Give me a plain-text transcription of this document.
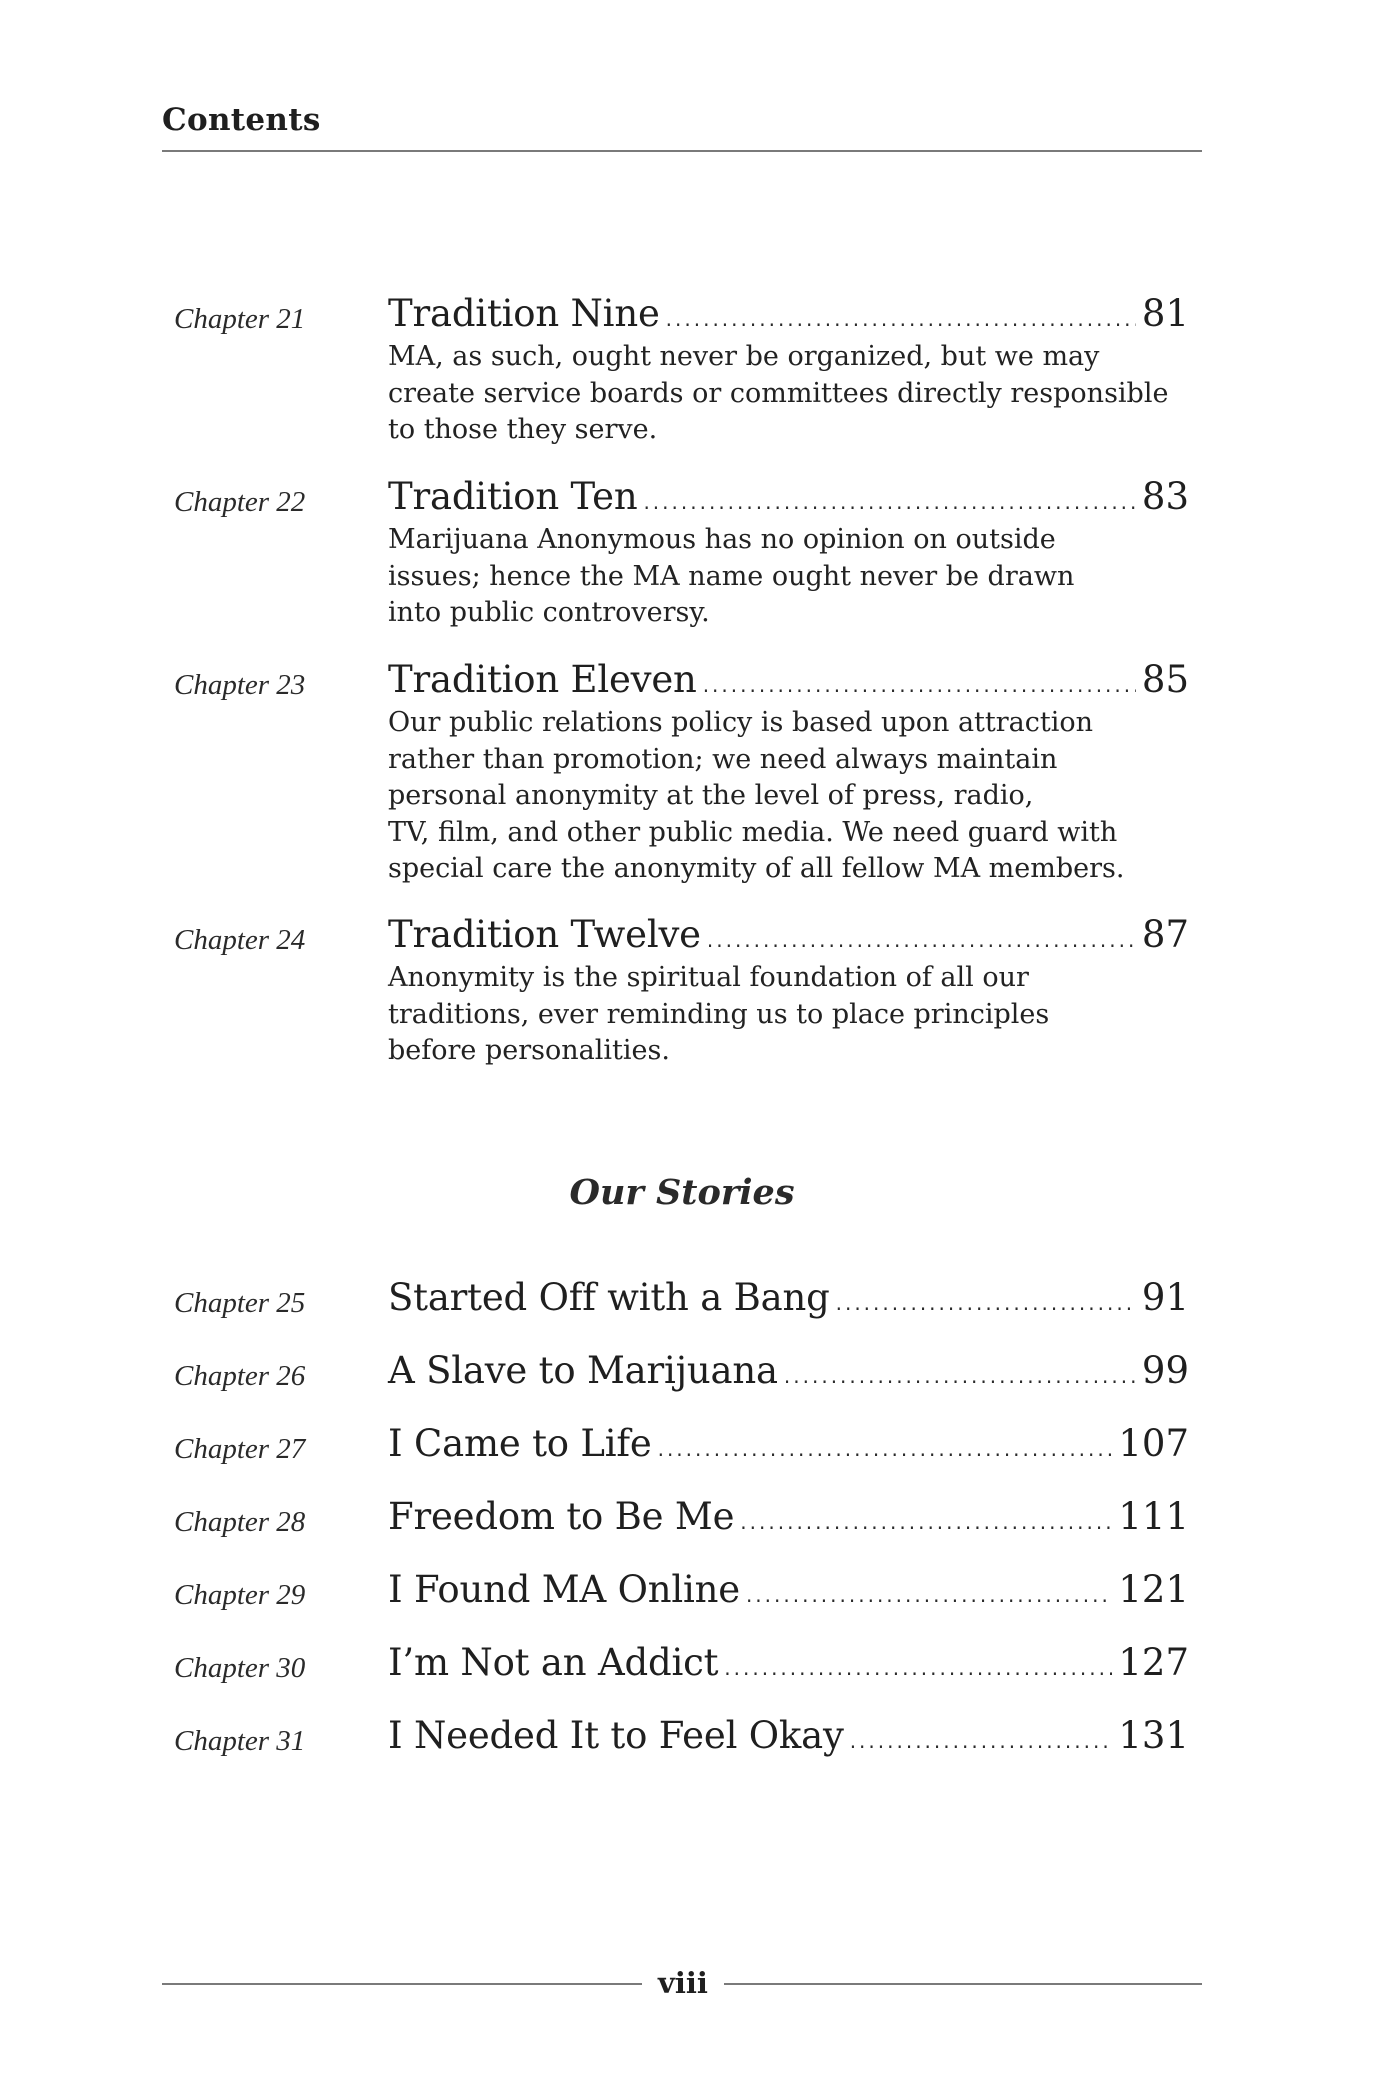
Contents
Chapter 21 Tradition Nine .....	81
MA, as such, ought never be organized, but we may
create service boards or committees directly responsible
to those they serve.
Chapter 22 Tradition Ten .....	83
Marijuana Anonymous has no opinion on outside
issues; hence the MA name ought never be drawn
into public controversy.
Chapter 23 Tradition Eleven .....	85
Our public relations policy is based upon attraction
rather than promotion; we need always maintain
personal anonymity at the level of press, radio,
TV, film, and other public media. We need guard with
special care the anonymity of all fellow MA members.
Chapter 24 Tradition Twelve .....	87
Anonymity is the spiritual foundation of all our
traditions, ever reminding us to place principles
before personalities.
Our Stories
Chapter 25 Started Off with a Bang .....	91
Chapter 26 A Slave to Marijuana .....	99
Chapter 27 I Came to Life .....	107
Chapter 28 Freedom to Be Me .....	111
Chapter 29 I Found MA Online .....	121
Chapter 30 I’m Not an Addict .....	127
Chapter 31 I Needed It to Feel Okay .....	131
viii
